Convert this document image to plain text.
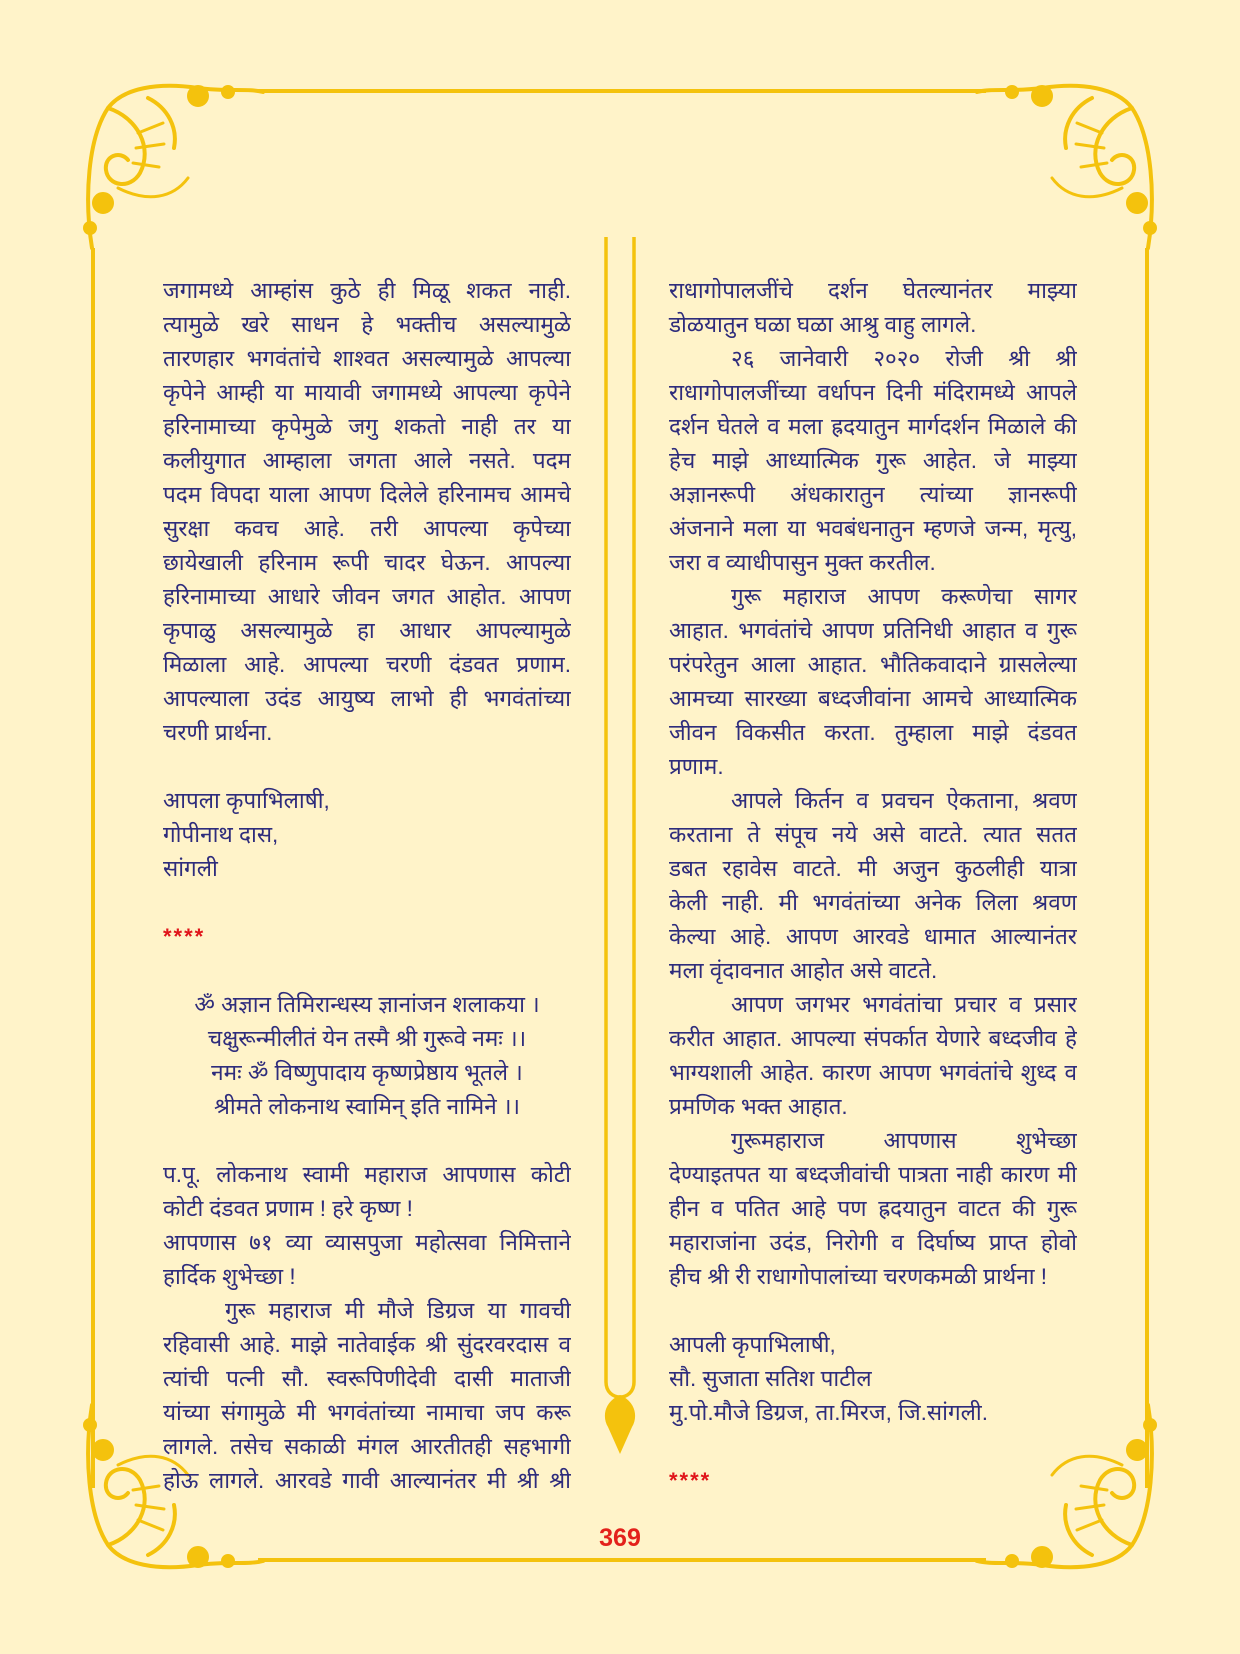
जगामध्ये आम्हांस कुठे ही मिळू शकत नाही.
त्यामुळे खरे साधन हे भक्तीच असल्यामुळे
तारणहार भगवंतांचे शाश्वत असल्यामुळे आपल्या
कृपेने आम्ही या मायावी जगामध्ये आपल्या कृपेने
हरिनामाच्या कृपेमुळे जगु शकतो नाही तर या
कलीयुगात आम्हाला जगता आले नसते. पदम
पदम विपदा याला आपण दिलेले हरिनामच आमचे
सुरक्षा कवच आहे. तरी आपल्या कृपेच्या
छायेखाली हरिनाम रूपी चादर घेऊन. आपल्या
हरिनामाच्या आधारे जीवन जगत आहोत. आपण
कृपाळु असल्यामुळे हा आधार आपल्यामुळे
मिळाला आहे. आपल्या चरणी दंडवत प्रणाम.
आपल्याला उदंड आयुष्य लाभो ही भगवंतांच्या
चरणी प्रार्थना.
आपला कृपाभिलाषी,
गोपीनाथ दास,
सांगली
****
ॐ अज्ञान तिमिरान्धस्य ज्ञानांजन शलाकया ।
चक्षुरून्मीलीतं येन तस्मै श्री गुरूवे नमः ।।
नमः ॐ विष्णुपादाय कृष्णप्रेष्ठाय भूतले ।
श्रीमते लोकनाथ स्वामिन् इति नामिने ।।
प.पू. लोकनाथ स्वामी महाराज आपणास कोटी
कोटी दंडवत प्रणाम ! हरे कृष्ण !
आपणास ७१ व्या व्यासपुजा महोत्सवा निमित्ताने
हार्दिक शुभेच्छा !
गुरू महाराज मी मौजे डिग्रज या गावची
रहिवासी आहे. माझे नातेवाईक श्री सुंदरवरदास व
त्यांची पत्नी सौ. स्वरूपिणीदेवी दासी माताजी
यांच्या संगामुळे मी भगवंतांच्या नामाचा जप करू
लागले. तसेच सकाळी मंगल आरतीतही सहभागी
होऊ लागले. आरवडे गावी आल्यानंतर मी श्री श्री
राधागोपालजींचे दर्शन घेतल्यानंतर माझ्या
डोळयातुन घळा घळा आश्रु वाहु लागले.
२६ जानेवारी २०२० रोजी श्री श्री
राधागोपालजींच्या वर्धापन दिनी मंदिरामध्ये आपले
दर्शन घेतले व मला ह्रदयातुन मार्गदर्शन मिळाले की
हेच माझे आध्यात्मिक गुरू आहेत. जे माझ्या
अज्ञानरूपी अंधकारातुन त्यांच्या ज्ञानरूपी
अंजनाने मला या भवबंधनातुन म्हणजे जन्म, मृत्यु,
जरा व व्याधीपासुन मुक्त करतील.
गुरू महाराज आपण करूणेचा सागर
आहात. भगवंतांचे आपण प्रतिनिधी आहात व गुरू
परंपरेतुन आला आहात. भौतिकवादाने ग्रासलेल्या
आमच्या सारख्या बध्दजीवांना आमचे आध्यात्मिक
जीवन विकसीत करता. तुम्हाला माझे दंडवत
प्रणाम.
आपले किर्तन व प्रवचन ऐकताना, श्रवण
करताना ते संपूच नये असे वाटते. त्यात सतत
डबत रहावेस वाटते. मी अजुन कुठलीही यात्रा
केली नाही. मी भगवंतांच्या अनेक लिला श्रवण
केल्या आहे. आपण आरवडे धामात आल्यानंतर
मला वृंदावनात आहोत असे वाटते.
आपण जगभर भगवंतांचा प्रचार व प्रसार
करीत आहात. आपल्या संपर्कात येणारे बध्दजीव हे
भाग्यशाली आहेत. कारण आपण भगवंतांचे शुध्द व
प्रमणिक भक्त आहात.
गुरूमहाराज आपणास शुभेच्छा
देण्याइतपत या बध्दजीवांची पात्रता नाही कारण मी
हीन व पतित आहे पण ह्रदयातुन वाटत की गुरू
महाराजांना उदंड, निरोगी व दिर्घाष्य प्राप्त होवो
हीच श्री री राधागोपालांच्या चरणकमळी प्रार्थना !
आपली कृपाभिलाषी,
सौ. सुजाता सतिश पाटील
मु.पो.मौजे डिग्रज, ता.मिरज, जि.सांगली.
****
369
